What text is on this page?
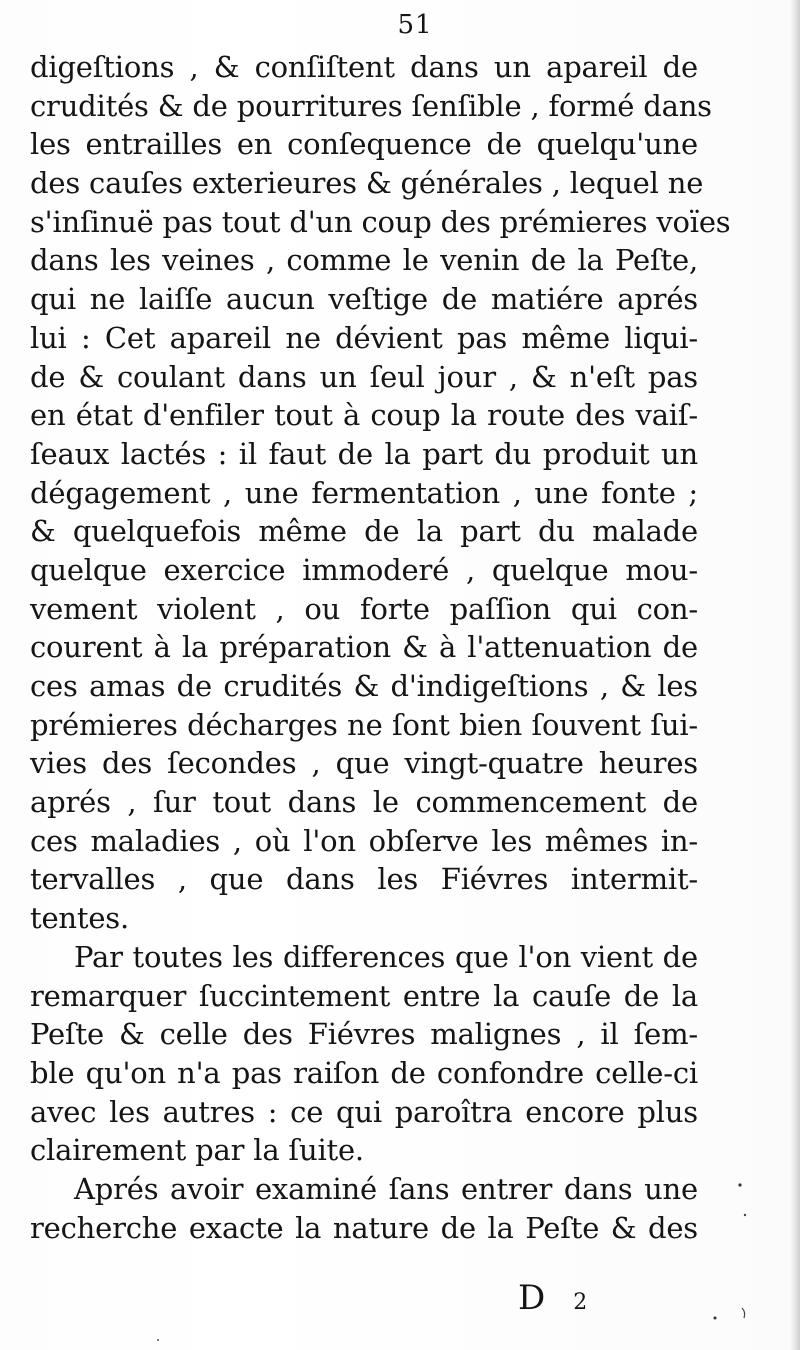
51
digeſtions , & conſiſtent dans un apareil de
crudités & de pourritures ſenſible , formé dans
les entrailles en conſequence de quelqu'une
des cauſes exterieures & générales , lequel ne
s'inſinuë pas tout d'un coup des prémieres voïes
dans les veines , comme le venin de la Peſte,
qui ne laiſſe aucun veſtige de matiére aprés
lui : Cet apareil ne dévient pas même liqui-
de & coulant dans un ſeul jour , & n'eſt pas
en état d'enfiler tout à coup la route des vaiſ-
ſeaux lactés : il faut de la part du produit un
dégagement , une fermentation , une fonte ;
& quelquefois même de la part du malade
quelque exercice immoderé , quelque mou-
vement violent , ou forte paſſion qui con-
courent à la préparation & à l'attenuation de
ces amas de crudités & d'indigeſtions , & les
prémieres décharges ne ſont bien ſouvent ſui-
vies des ſecondes , que vingt-quatre heures
aprés , ſur tout dans le commencement de
ces maladies , où l'on obſerve les mêmes in-
tervalles , que dans les Fiévres intermit-
tentes.
Par toutes les differences que l'on vient de
remarquer ſuccintement entre la cauſe de la
Peſte & celle des Fiévres malignes , il ſem-
ble qu'on n'a pas raiſon de confondre celle-ci
avec les autres : ce qui paroîtra encore plus
clairement par la ſuite.
Aprés avoir examiné ſans entrer dans une
recherche exacte la nature de la Peſte & des
D2
